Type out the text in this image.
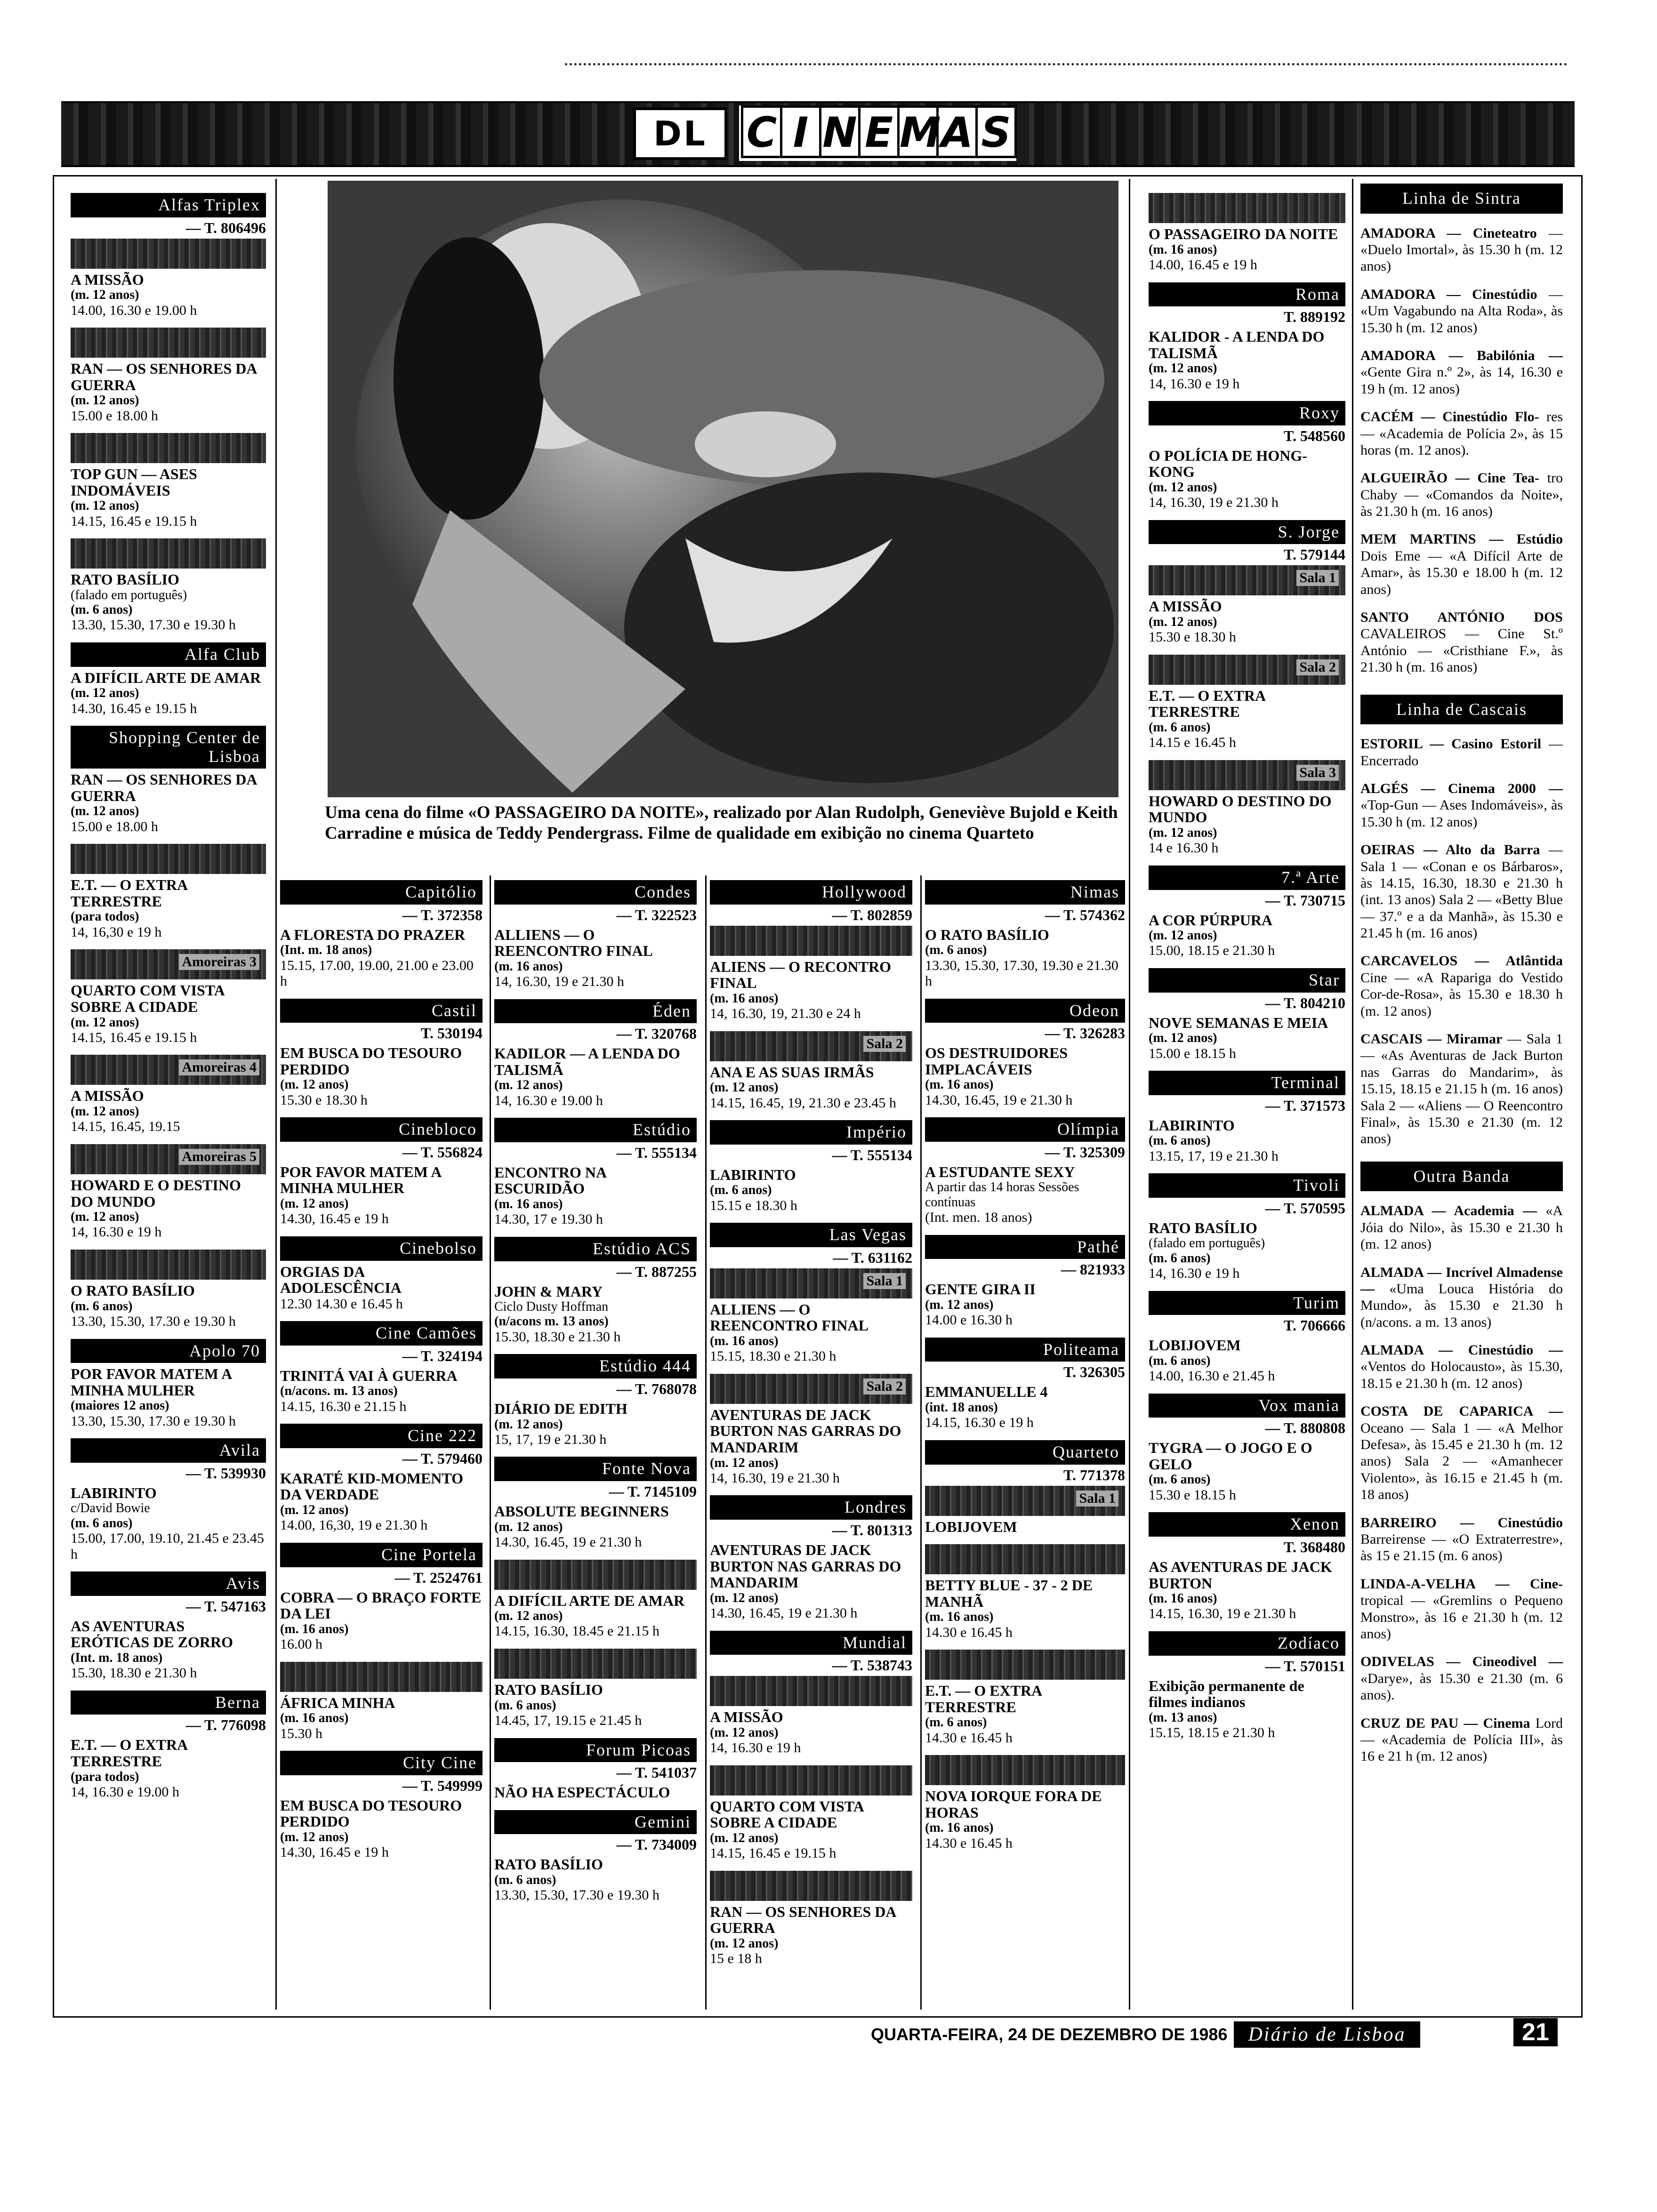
DL C I N E M A S
Uma cena do filme «O PASSAGEIRO DA NOITE», realizado por Alan Rudolph, Geneviève Bujold e Keith Carradine e música de Teddy Pendergrass. Filme de qualidade em exibição no cinema Quarteto
Alfas Triplex
— T. 806496
A MISSÃO
(m. 12 anos)
14.00, 16.30 e 19.00 h
RAN — OS SENHORES DA GUERRA
(m. 12 anos)
15.00 e 18.00 h
TOP GUN — ASES INDOMÁVEIS
(m. 12 anos)
14.15, 16.45 e 19.15 h
RATO BASÍLIO
(falado em português)
(m. 6 anos)
13.30, 15.30, 17.30 e 19.30 h
Alfa Club
A DIFÍCIL ARTE DE AMAR
(m. 12 anos)
14.30, 16.45 e 19.15 h
Shopping Center de Lisboa
RAN — OS SENHORES DA GUERRA
(m. 12 anos)
15.00 e 18.00 h
E.T. — O EXTRA TERRESTRE
(para todos)
14, 16,30 e 19 h
Amoreiras 3
QUARTO COM VISTA SOBRE A CIDADE
(m. 12 anos)
14.15, 16.45 e 19.15 h
Amoreiras 4
A MISSÃO
(m. 12 anos)
14.15, 16.45, 19.15
Amoreiras 5
HOWARD E O DESTINO DO MUNDO
(m. 12 anos)
14, 16.30 e 19 h
O RATO BASÍLIO
(m. 6 anos)
13.30, 15.30, 17.30 e 19.30 h
Apolo 70
POR FAVOR MATEM A MINHA MULHER
(maiores 12 anos)
13.30, 15.30, 17.30 e 19.30 h
Avila
— T. 539930
LABIRINTO
c/David Bowie
(m. 6 anos)
15.00, 17.00, 19.10, 21.45 e 23.45 h
Avis
— T. 547163
AS AVENTURAS ERÓTICAS DE ZORRO
(Int. m. 18 anos)
15.30, 18.30 e 21.30 h
Berna
— T. 776098
E.T. — O EXTRA TERRESTRE
(para todos)
14, 16.30 e 19.00 h
Capitólio
— T. 372358
A FLORESTA DO PRAZER
(Int. m. 18 anos)
15.15, 17.00, 19.00, 21.00 e 23.00 h
Castil
T. 530194
EM BUSCA DO TESOURO PERDIDO
(m. 12 anos)
15.30 e 18.30 h
Cinebloco
— T. 556824
POR FAVOR MATEM A MINHA MULHER
(m. 12 anos)
14.30, 16.45 e 19 h
Cinebolso
ORGIAS DA ADOLESCÊNCIA
12.30 14.30 e 16.45 h
Cine Camões
— T. 324194
TRINITÁ VAI À GUERRA
(n/acons. m. 13 anos)
14.15, 16.30 e 21.15 h
Cine 222
— T. 579460
KARATÉ KID-MOMENTO DA VERDADE
(m. 12 anos)
14.00, 16,30, 19 e 21.30 h
Cine Portela
— T. 2524761
COBRA — O BRAÇO FORTE DA LEI
(m. 16 anos)
16.00 h
ÁFRICA MINHA
(m. 16 anos)
15.30 h
City Cine
— T. 549999
EM BUSCA DO TESOURO PERDIDO
(m. 12 anos)
14.30, 16.45 e 19 h
Condes
— T. 322523
ALLIENS — O REENCONTRO FINAL
(m. 16 anos)
14, 16.30, 19 e 21.30 h
Éden
— T. 320768
KADILOR — A LENDA DO TALISMÃ
(m. 12 anos)
14, 16.30 e 19.00 h
Estúdio
— T. 555134
ENCONTRO NA ESCURIDÃO
(m. 16 anos)
14.30, 17 e 19.30 h
Estúdio ACS
— T. 887255
JOHN & MARY
Ciclo Dusty Hoffman
(n/acons m. 13 anos)
15.30, 18.30 e 21.30 h
Estúdio 444
— T. 768078
DIÁRIO DE EDITH
(m. 12 anos)
15, 17, 19 e 21.30 h
Fonte Nova
— T. 7145109
ABSOLUTE BEGINNERS
(m. 12 anos)
14.30, 16.45, 19 e 21.30 h
A DIFÍCIL ARTE DE AMAR
(m. 12 anos)
14.15, 16.30, 18.45 e 21.15 h
RATO BASÍLIO
(m. 6 anos)
14.45, 17, 19.15 e 21.45 h
Forum Picoas
— T. 541037
NÃO HA ESPECTÁCULO
Gemini
— T. 734009
RATO BASÍLIO
(m. 6 anos)
13.30, 15.30, 17.30 e 19.30 h
Hollywood
— T. 802859
ALIENS — O RECONTRO FINAL
(m. 16 anos)
14, 16.30, 19, 21.30 e 24 h
Sala 2
ANA E AS SUAS IRMÃS
(m. 12 anos)
14.15, 16.45, 19, 21.30 e 23.45 h
Império
— T. 555134
LABIRINTO
(m. 6 anos)
15.15 e 18.30 h
Las Vegas
— T. 631162
Sala 1
ALLIENS — O REENCONTRO FINAL
(m. 16 anos)
15.15, 18.30 e 21.30 h
Sala 2
AVENTURAS DE JACK BURTON NAS GARRAS DO MANDARIM
(m. 12 anos)
14, 16.30, 19 e 21.30 h
Londres
— T. 801313
AVENTURAS DE JACK BURTON NAS GARRAS DO MANDARIM
(m. 12 anos)
14.30, 16.45, 19 e 21.30 h
Mundial
— T. 538743
A MISSÃO
(m. 12 anos)
14, 16.30 e 19 h
QUARTO COM VISTA SOBRE A CIDADE
(m. 12 anos)
14.15, 16.45 e 19.15 h
RAN — OS SENHORES DA GUERRA
(m. 12 anos)
15 e 18 h
Nimas
— T. 574362
O RATO BASÍLIO
(m. 6 anos)
13.30, 15.30, 17.30, 19.30 e 21.30 h
Odeon
— T. 326283
OS DESTRUIDORES IMPLACÁVEIS
(m. 16 anos)
14.30, 16.45, 19 e 21.30 h
Olímpia
— T. 325309
A ESTUDANTE SEXY
A partir das 14 horas Sessões contínuas
(Int. men. 18 anos)
Pathé
— 821933
GENTE GIRA II
(m. 12 anos)
14.00 e 16.30 h
Politeama
T. 326305
EMMANUELLE 4
(int. 18 anos)
14.15, 16.30 e 19 h
Quarteto
T. 771378
Sala 1
LOBIJOVEM
BETTY BLUE - 37 - 2 DE MANHÃ
(m. 16 anos)
14.30 e 16.45 h
E.T. — O EXTRA TERRESTRE
(m. 6 anos)
14.30 e 16.45 h
NOVA IORQUE FORA DE HORAS
(m. 16 anos)
14.30 e 16.45 h
O PASSAGEIRO DA NOITE
(m. 16 anos)
14.00, 16.45 e 19 h
Roma
T. 889192
KALIDOR - A LENDA DO TALISMÃ
(m. 12 anos)
14, 16.30 e 19 h
Roxy
T. 548560
O POLÍCIA DE HONG-KONG
(m. 12 anos)
14, 16.30, 19 e 21.30 h
S. Jorge
T. 579144
Sala 1
A MISSÃO
(m. 12 anos)
15.30 e 18.30 h
Sala 2
E.T. — O EXTRA TERRESTRE
(m. 6 anos)
14.15 e 16.45 h
Sala 3
HOWARD O DESTINO DO MUNDO
(m. 12 anos)
14 e 16.30 h
7.ª Arte
— T. 730715
A COR PÚRPURA
(m. 12 anos)
15.00, 18.15 e 21.30 h
Star
— T. 804210
NOVE SEMANAS E MEIA
(m. 12 anos)
15.00 e 18.15 h
Terminal
— T. 371573
LABIRINTO
(m. 6 anos)
13.15, 17, 19 e 21.30 h
Tivoli
— T. 570595
RATO BASÍLIO
(falado em português)
(m. 6 anos)
14, 16.30 e 19 h
Turim
T. 706666
LOBIJOVEM
(m. 6 anos)
14.00, 16.30 e 21.45 h
Vox mania
— T. 880808
TYGRA — O JOGO E O GELO
(m. 6 anos)
15.30 e 18.15 h
Xenon
T. 368480
AS AVENTURAS DE JACK BURTON
(m. 16 anos)
14.15, 16.30, 19 e 21.30 h
Zodíaco
— T. 570151
Exibição permanente de filmes indianos
(m. 13 anos)
15.15, 18.15 e 21.30 h
Linha de Sintra
AMADORA — Cineteatro — «Duelo Imortal», às 15.30 h (m. 12 anos)
AMADORA — Cinestúdio — «Um Vagabundo na Alta Roda», às 15.30 h (m. 12 anos)
AMADORA — Babilónia — «Gente Gira n.º 2», às 14, 16.30 e 19 h (m. 12 anos)
CACÉM — Cinestúdio Flo- res — «Academia de Polícia 2», às 15 horas (m. 12 anos).
ALGUEIRÃO — Cine Tea- tro Chaby — «Comandos da Noite», às 21.30 h (m. 16 anos)
MEM MARTINS — Estúdio Dois Eme — «A Difícil Arte de Amar», às 15.30 e 18.00 h (m. 12 anos)
SANTO ANTÓNIO DOS CAVALEIROS — Cine St.º António — «Cristhiane F.», às 21.30 h (m. 16 anos)
Linha de Cascais
ESTORIL — Casino Estoril — Encerrado
ALGÉS — Cinema 2000 — «Top-Gun — Ases Indomáveis», às 15.30 h (m. 12 anos)
OEIRAS — Alto da Barra — Sala 1 — «Conan e os Bárbaros», às 14.15, 16.30, 18.30 e 21.30 h (int. 13 anos) Sala 2 — «Betty Blue — 37.º e a da Manhã», às 15.30 e 21.45 h (m. 16 anos)
CARCAVELOS — Atlântida Cine — «A Rapariga do Vestido Cor-de-Rosa», às 15.30 e 18.30 h (m. 12 anos)
CASCAIS — Miramar — Sala 1 — «As Aventuras de Jack Burton nas Garras do Mandarim», às 15.15, 18.15 e 21.15 h (m. 16 anos) Sala 2 — «Aliens — O Reencontro Final», às 15.30 e 21.30 (m. 12 anos)
Outra Banda
ALMADA — Academia — «A Jóia do Nilo», às 15.30 e 21.30 h (m. 12 anos)
ALMADA — Incrível Almadense — «Uma Louca História do Mundo», às 15.30 e 21.30 h (n/acons. a m. 13 anos)
ALMADA — Cinestúdio — «Ventos do Holocausto», às 15.30, 18.15 e 21.30 h (m. 12 anos)
COSTA DE CAPARICA — Oceano — Sala 1 — «A Melhor Defesa», às 15.45 e 21.30 h (m. 12 anos) Sala 2 — «Amanhecer Violento», às 16.15 e 21.45 h (m. 18 anos)
BARREIRO — Cinestúdio Barreirense — «O Extraterrestre», às 15 e 21.15 (m. 6 anos)
LINDA-A-VELHA — Cine- tropical — «Gremlins o Pequeno Monstro», às 16 e 21.30 h (m. 12 anos)
ODIVELAS — Cineodivel — «Darye», às 15.30 e 21.30 (m. 6 anos).
CRUZ DE PAU — Cinema Lord — «Academia de Polícia III», às 16 e 21 h (m. 12 anos)
QUARTA-FEIRA, 24 DE DEZEMBRO DE 1986	Diário de Lisboa	21
